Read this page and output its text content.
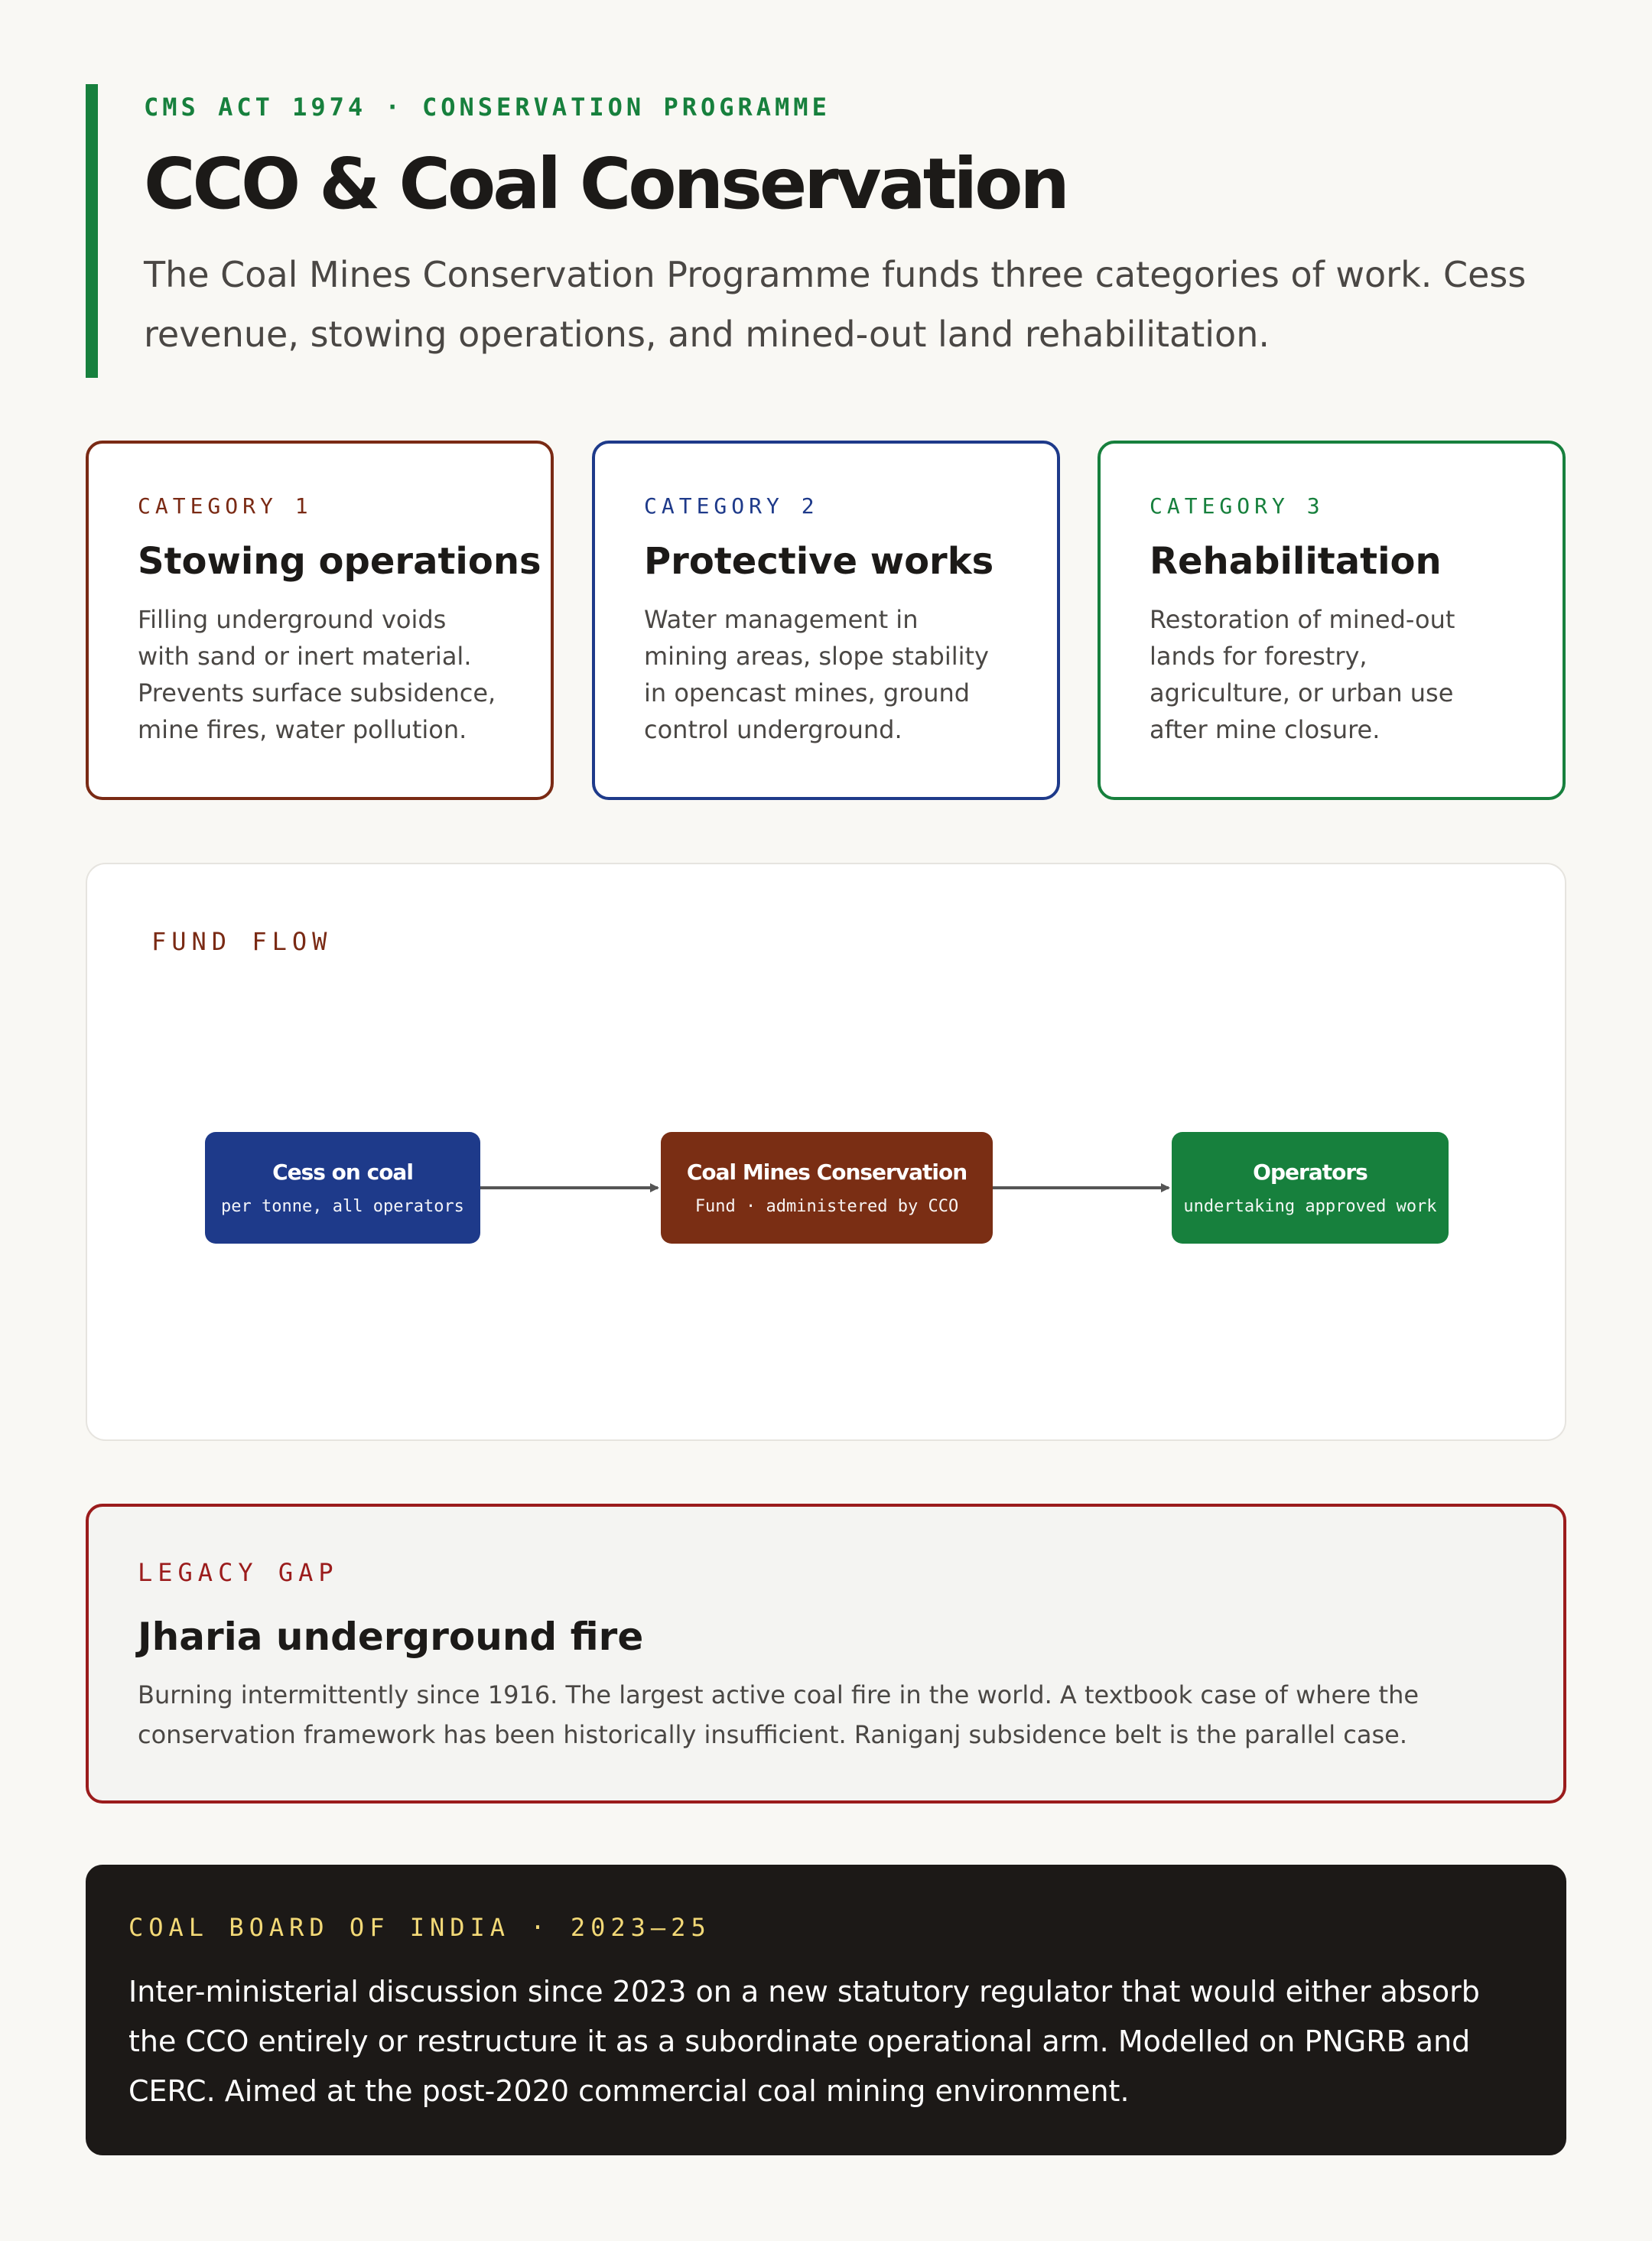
CMS ACT 1974 · CONSERVATION PROGRAMME
CCO & Coal Conservation
The Coal Mines Conservation Programme funds three categories of work. Cess revenue, stowing operations, and mined-out land rehabilitation.
CATEGORY 1
Stowing operations
Filling underground voids with sand or inert material. Prevents surface subsidence, mine fires, water pollution.
CATEGORY 2
Protective works
Water management in mining areas, slope stability in opencast mines, ground control underground.
CATEGORY 3
Rehabilitation
Restoration of mined-out lands for forestry, agriculture, or urban use after mine closure.
FUND FLOW
Cess on coal
per tonne, all operators
Coal Mines Conservation
Fund · administered by CCO
Operators
undertaking approved work
LEGACY GAP
Jharia underground fire
Burning intermittently since 1916. The largest active coal fire in the world. A textbook case of where the conservation framework has been historically insufficient. Raniganj subsidence belt is the parallel case.
COAL BOARD OF INDIA · 2023–25
Inter-ministerial discussion since 2023 on a new statutory regulator that would either absorb the CCO entirely or restructure it as a subordinate operational arm. Modelled on PNGRB and CERC. Aimed at the post-2020 commercial coal mining environment.
